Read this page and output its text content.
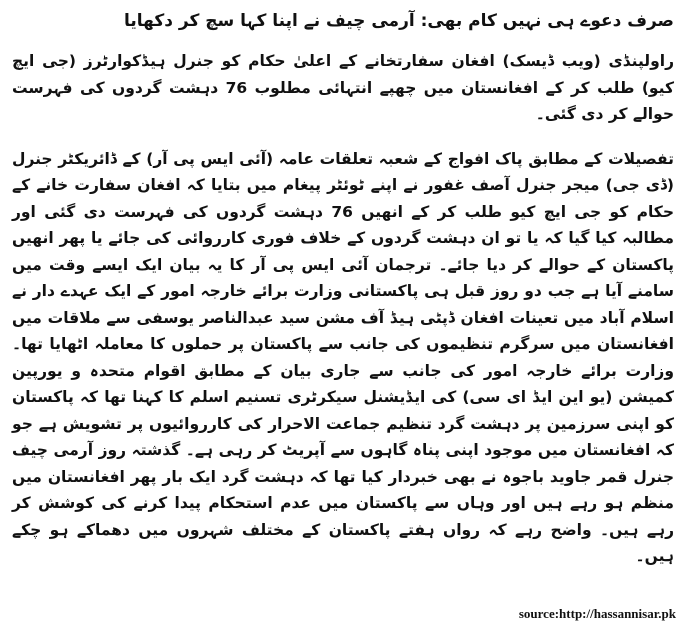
صرف دعوے ہی نہیں کام بھی: آرمی چیف نے اپنا کہا سچ کر دکھایا

راولپنڈی (ویب ڈیسک) افغان سفارتخانے کے اعلیٰ حکام کو جنرل ہیڈکوارٹرز (جی ایچ کیو) طلب کر کے افغانستان میں چھپے انتہائی مطلوب 76 دہشت گردوں کی فہرست حوالے کر دی گئی۔

تفصیلات کے مطابق پاک افواج کے شعبہ تعلقات عامہ (آئی ایس پی آر) کے ڈائریکٹر جنرل (ڈی جی) میجر جنرل آصف غفور نے اپنے ٹوئٹر پیغام میں بتایا کہ افغان سفارت خانے کے حکام کو جی ایچ کیو طلب کر کے انھیں 76 دہشت گردوں کی فہرست دی گئی اور مطالبہ کیا گیا کہ یا تو ان دہشت گردوں کے خلاف فوری کارروائی کی جائے یا پھر انھیں پاکستان کے حوالے کر دیا جائے۔ ترجمان آئی ایس پی آر کا یہ بیان ایک ایسے وقت میں سامنے آیا ہے جب دو روز قبل ہی پاکستانی وزارت برائے خارجہ امور کے ایک عہدے دار نے اسلام آباد میں تعینات افغان ڈپٹی ہیڈ آف مشن سید عبدالناصر یوسفی سے ملاقات میں افغانستان میں سرگرم تنظیموں کی جانب سے پاکستان پر حملوں کا معاملہ اٹھایا تھا۔ وزارت برائے خارجہ امور کی جانب سے جاری بیان کے مطابق اقوام متحدہ و یورپین کمیشن (یو این ایڈ ای سی) کی ایڈیشنل سیکرٹری تسنیم اسلم کا کہنا تھا کہ پاکستان کو اپنی سرزمین پر دہشت گرد تنظیم جماعت الاحرار کی کارروائیوں پر تشویش ہے جو کہ افغانستان میں موجود اپنی پناہ گاہوں سے آپریٹ کر رہی ہے۔ گذشتہ روز آرمی چیف جنرل قمر جاوید باجوہ نے بھی خبردار کیا تھا کہ دہشت گرد ایک بار پھر افغانستان میں منظم ہو رہے ہیں اور وہاں سے پاکستان میں عدم استحکام پیدا کرنے کی کوشش کر رہے ہیں۔ واضح رہے کہ رواں ہفتے پاکستان کے مختلف شہروں میں دھماکے ہو چکے ہیں۔

source:http://hassannisar.pk
